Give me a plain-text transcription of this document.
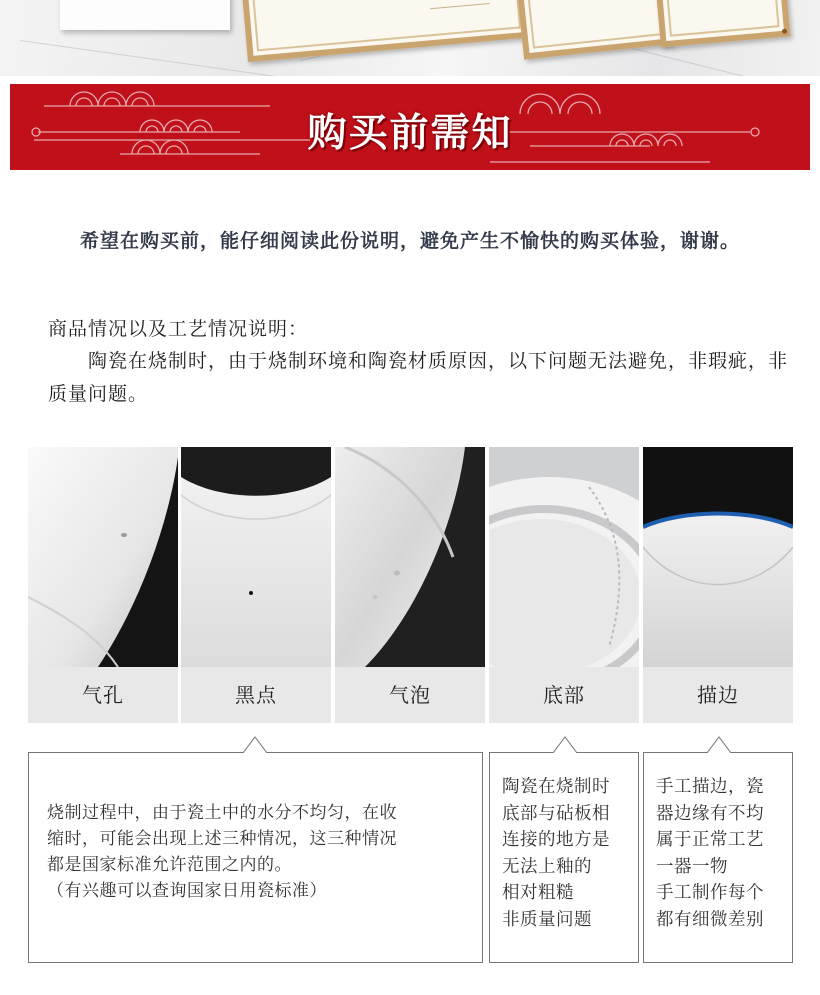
购买前需知
希望在购买前，能仔细阅读此份说明，避免产生不愉快的购买体验，谢谢。
商品情况以及工艺情况说明：
陶瓷在烧制时，由于烧制环境和陶瓷材质原因，以下问题无法避免，非瑕疵，非质量问题。
气孔	黑点	气泡	底部	描边
烧制过程中，由于瓷土中的水分不均匀，在收
缩时，可能会出现上述三种情况，这三种情况
都是国家标准允许范围之内的。
（有兴趣可以查询国家日用瓷标准）
陶瓷在烧制时
底部与砧板相
连接的地方是
无法上釉的
相对粗糙
非质量问题
手工描边，瓷
器边缘有不均
属于正常工艺
一器一物
手工制作每个
都有细微差别
